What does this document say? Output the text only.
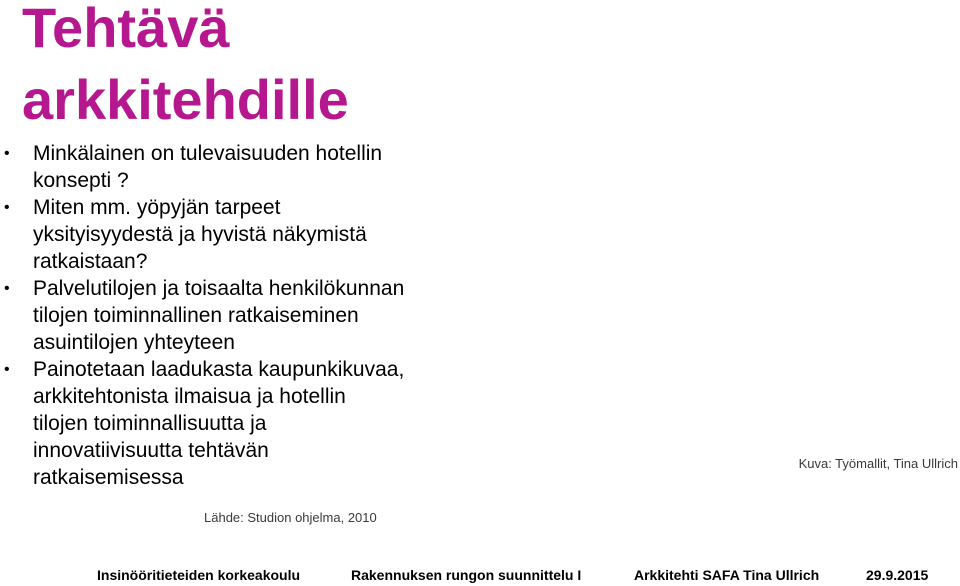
Tehtävä
arkkitehdille
• Minkälainen on tulevaisuuden hotellin
konsepti ?
• Miten mm. yöpyjän tarpeet
yksityisyydestä ja hyvistä näkymistä
ratkaistaan?
• Palvelutilojen ja toisaalta henkilökunnan
tilojen toiminnallinen ratkaiseminen
asuintilojen yhteyteen
• Painotetaan laadukasta kaupunkikuvaa,
arkkitehtonista ilmaisua ja hotellin
tilojen toiminnallisuutta ja
innovatiivisuutta tehtävän
ratkaisemisessa
Kuva: Työmallit, Tina Ullrich
Lähde: Studion ohjelma, 2010
Insinööritieteiden korkeakoulu	Rakennuksen rungon suunnittelu I	Arkkitehti SAFA Tina Ullrich	29.9.2015
